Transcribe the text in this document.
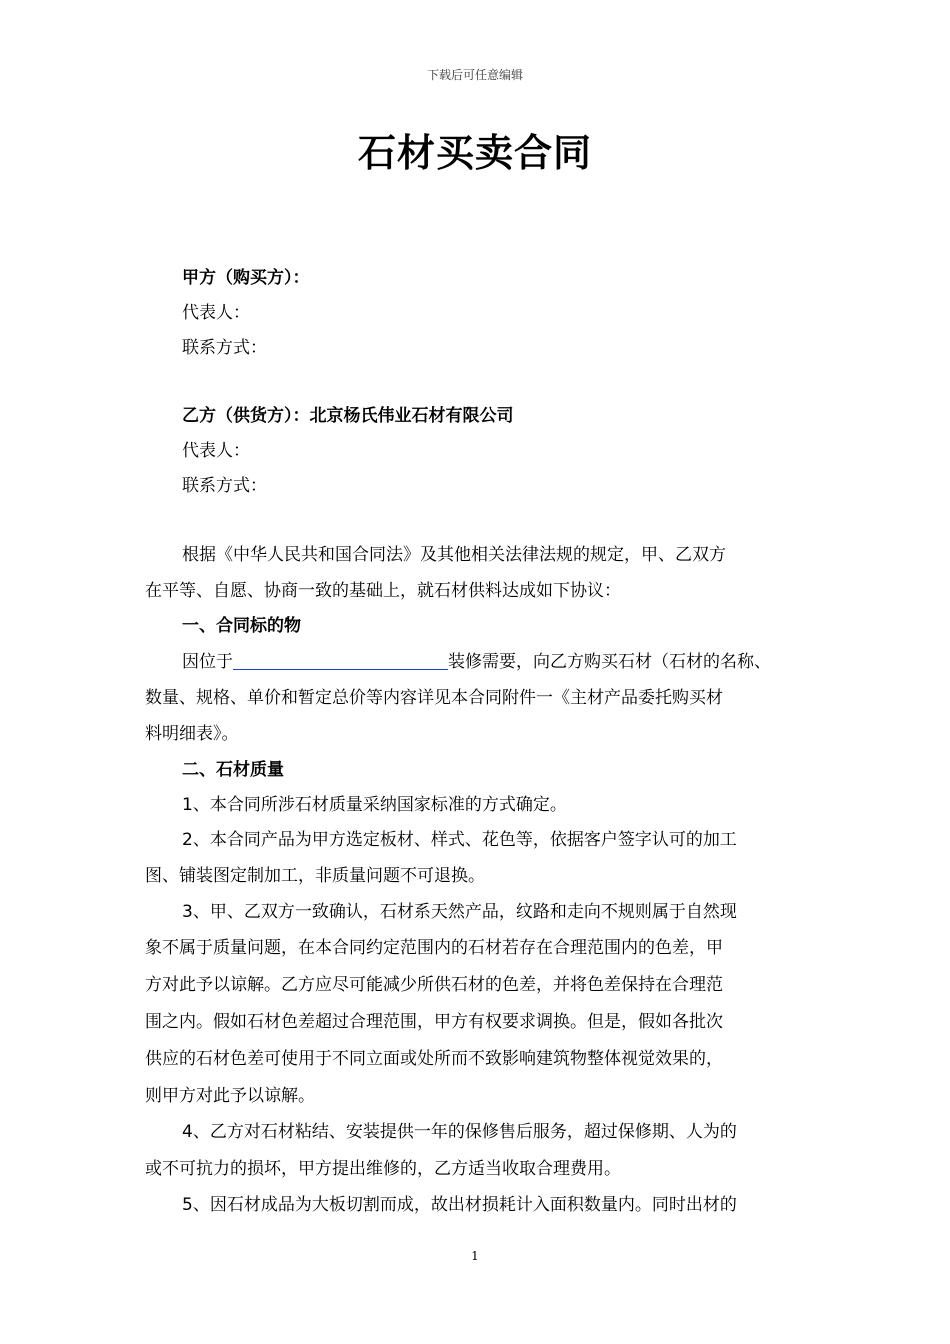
下载后可任意编辑
石材买卖合同
甲方（购买方）：
代表人：
联系方式：
乙方（供货方）：北京杨氏伟业石材有限公司
代表人：
联系方式：
根据《中华人民共和国合同法》及其他相关法律法规的规定，甲、乙双方
在平等、自愿、协商一致的基础上，就石材供料达成如下协议：
一、合同标的物
因位于	装修需要，向乙方购买石材（石材的名称、
数量、规格、单价和暂定总价等内容详见本合同附件一《主材产品委托购买材
料明细表》。
二、石材质量
1、本合同所涉石材质量采纳国家标准的方式确定。
2、本合同产品为甲方选定板材、样式、花色等，依据客户签字认可的加工
图、铺装图定制加工，非质量问题不可退换。
3、甲、乙双方一致确认，石材系天然产品，纹路和走向不规则属于自然现
象不属于质量问题，在本合同约定范围内的石材若存在合理范围内的色差，甲
方对此予以谅解。乙方应尽可能减少所供石材的色差，并将色差保持在合理范
围之内。假如石材色差超过合理范围，甲方有权要求调换。但是，假如各批次
供应的石材色差可使用于不同立面或处所而不致影响建筑物整体视觉效果的，
则甲方对此予以谅解。
4、乙方对石材粘结、安装提供一年的保修售后服务，超过保修期、人为的
或不可抗力的损坏，甲方提出维修的，乙方适当收取合理费用。
5、因石材成品为大板切割而成，故出材损耗计入面积数量内。同时出材的
1
